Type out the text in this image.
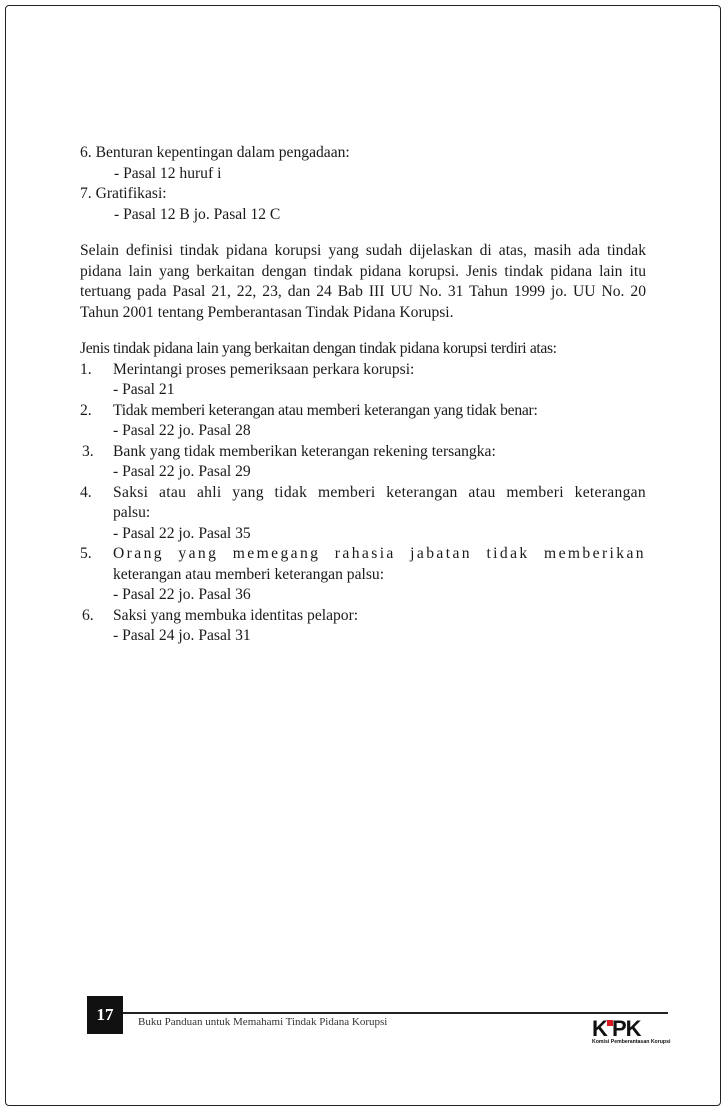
6. Benturan kepentingan dalam pengadaan:
- Pasal 12 huruf i
7. Gratifikasi:
- Pasal 12 B jo. Pasal 12 C

Selain definisi tindak pidana korupsi yang sudah dijelaskan di atas, masih ada tindak pidana lain yang berkaitan dengan tindak pidana korupsi. Jenis tindak pidana lain itu tertuang pada Pasal 21, 22, 23, dan 24 Bab III UU No. 31 Tahun 1999 jo. UU No. 20 Tahun 2001 tentang Pemberantasan Tindak Pidana Korupsi.

Jenis tindak pidana lain yang berkaitan dengan tindak pidana korupsi terdiri atas:
1.	Merintangi proses pemeriksaan perkara korupsi:
- Pasal 21
2.	Tidak memberi keterangan atau memberi keterangan yang tidak benar:
- Pasal 22 jo. Pasal 28
3.	Bank yang tidak memberikan keterangan rekening tersangka:
- Pasal 22 jo. Pasal 29
4.	Saksi atau ahli yang tidak memberi keterangan atau memberi keterangan
palsu:
- Pasal 22 jo. Pasal 35
5.	Orang yang memegang rahasia jabatan tidak memberikan
keterangan atau memberi keterangan palsu:
- Pasal 22 jo. Pasal 36
6.	Saksi yang membuka identitas pelapor:
- Pasal 24 jo. Pasal 31
17	Buku Panduan untuk Memahami Tindak Pidana Korupsi	K PK
Komisi Pemberantasan Korupsi
